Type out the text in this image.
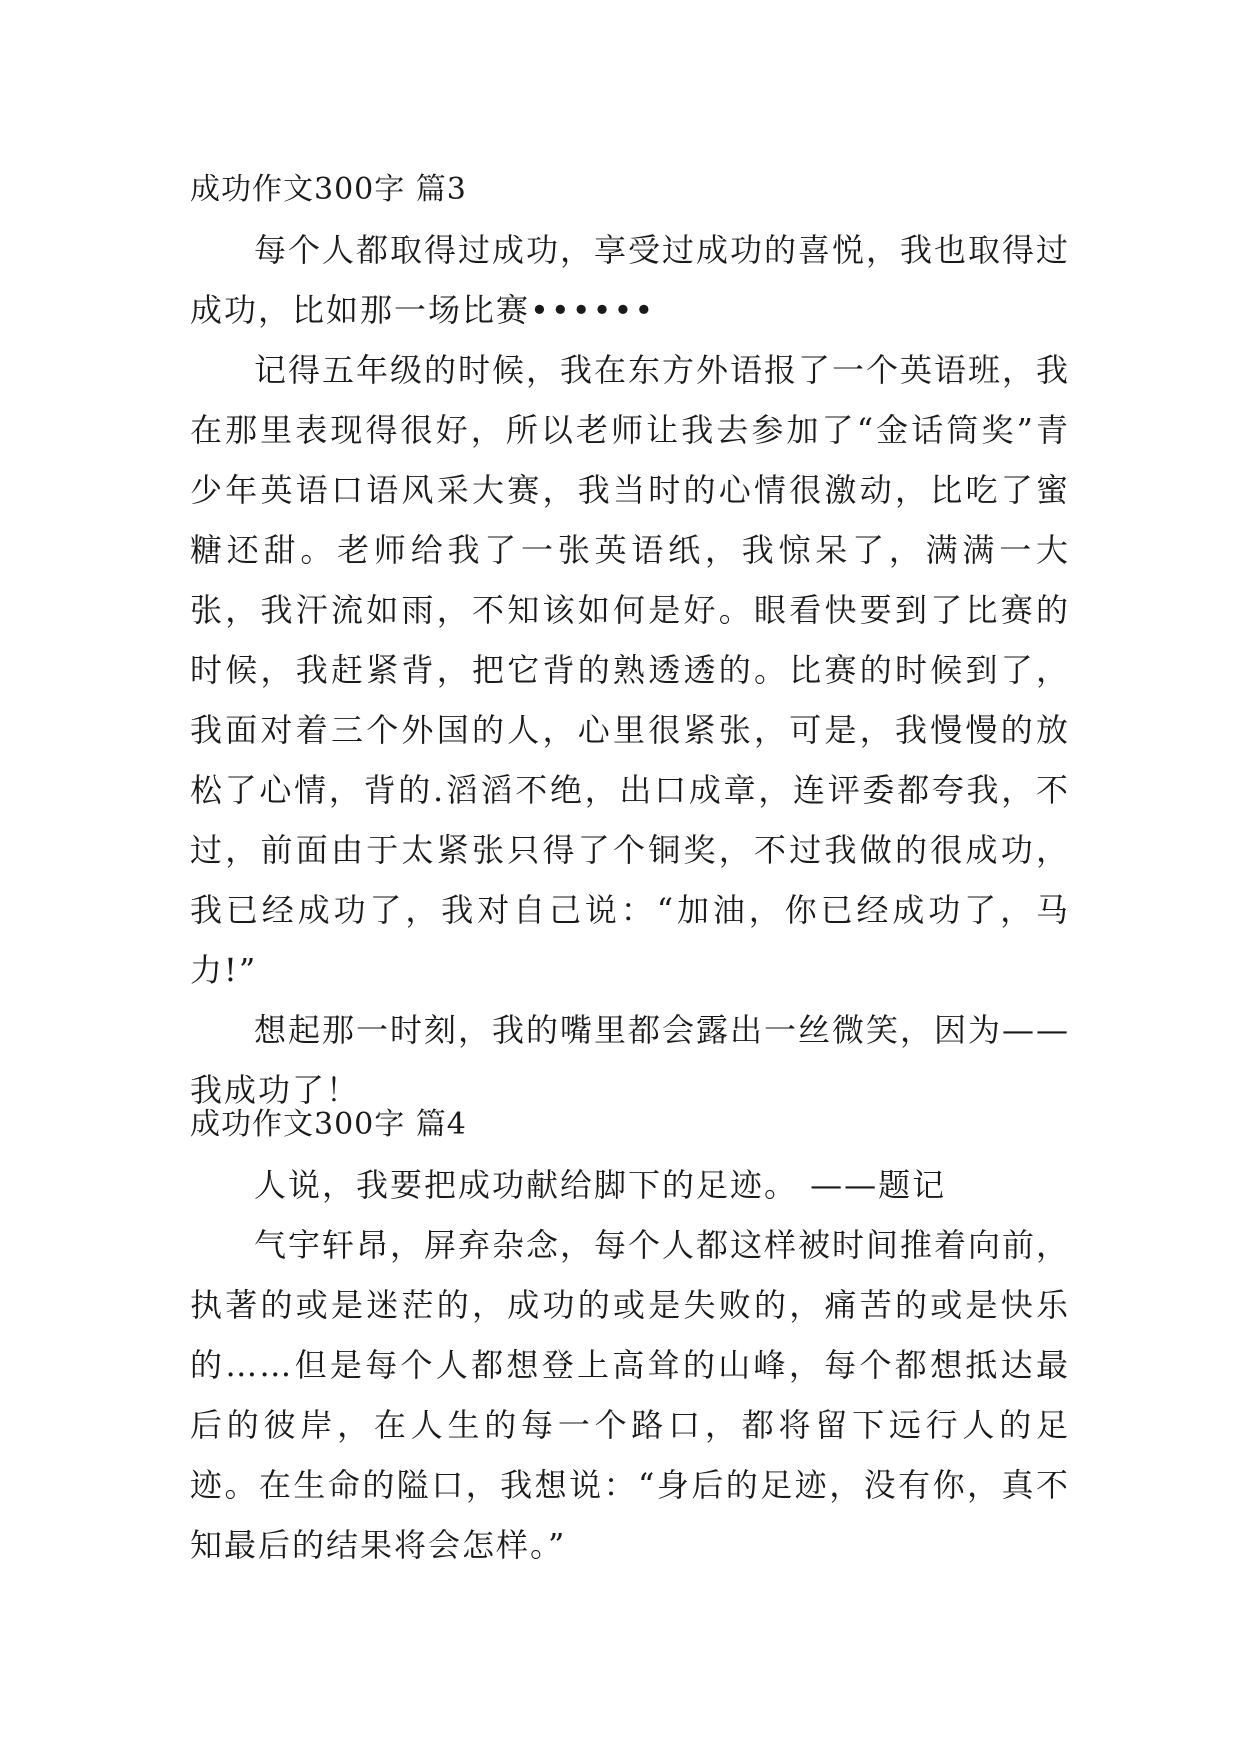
成功作文300字 篇3

每个人都取得过成功，享受过成功的喜悦，我也取得过成功，比如那一场比赛••••••

记得五年级的时候，我在东方外语报了一个英语班，我在那里表现得很好，所以老师让我去参加了“金话筒奖”青少年英语口语风采大赛，我当时的心情很激动，比吃了蜜糖还甜。老师给我了一张英语纸，我惊呆了，满满一大张，我汗流如雨，不知该如何是好。眼看快要到了比赛的时候，我赶紧背，把它背的熟透透的。比赛的时候到了，我面对着三个外国的人，心里很紧张，可是，我慢慢的放松了心情，背的.滔滔不绝，出口成章，连评委都夸我，不过，前面由于太紧张只得了个铜奖，不过我做的很成功，我已经成功了，我对自己说：“加油，你已经成功了，马力!”

想起那一时刻，我的嘴里都会露出一丝微笑，因为——我成功了！

成功作文300字 篇4

人说，我要把成功献给脚下的足迹。 ——题记

气宇轩昂，屏弃杂念，每个人都这样被时间推着向前，执著的或是迷茫的，成功的或是失败的，痛苦的或是快乐的……但是每个人都想登上高耸的山峰，每个都想抵达最后的彼岸，在人生的每一个路口，都将留下远行人的足迹。在生命的隘口，我想说：“身后的足迹，没有你，真不知最后的结果将会怎样。”
